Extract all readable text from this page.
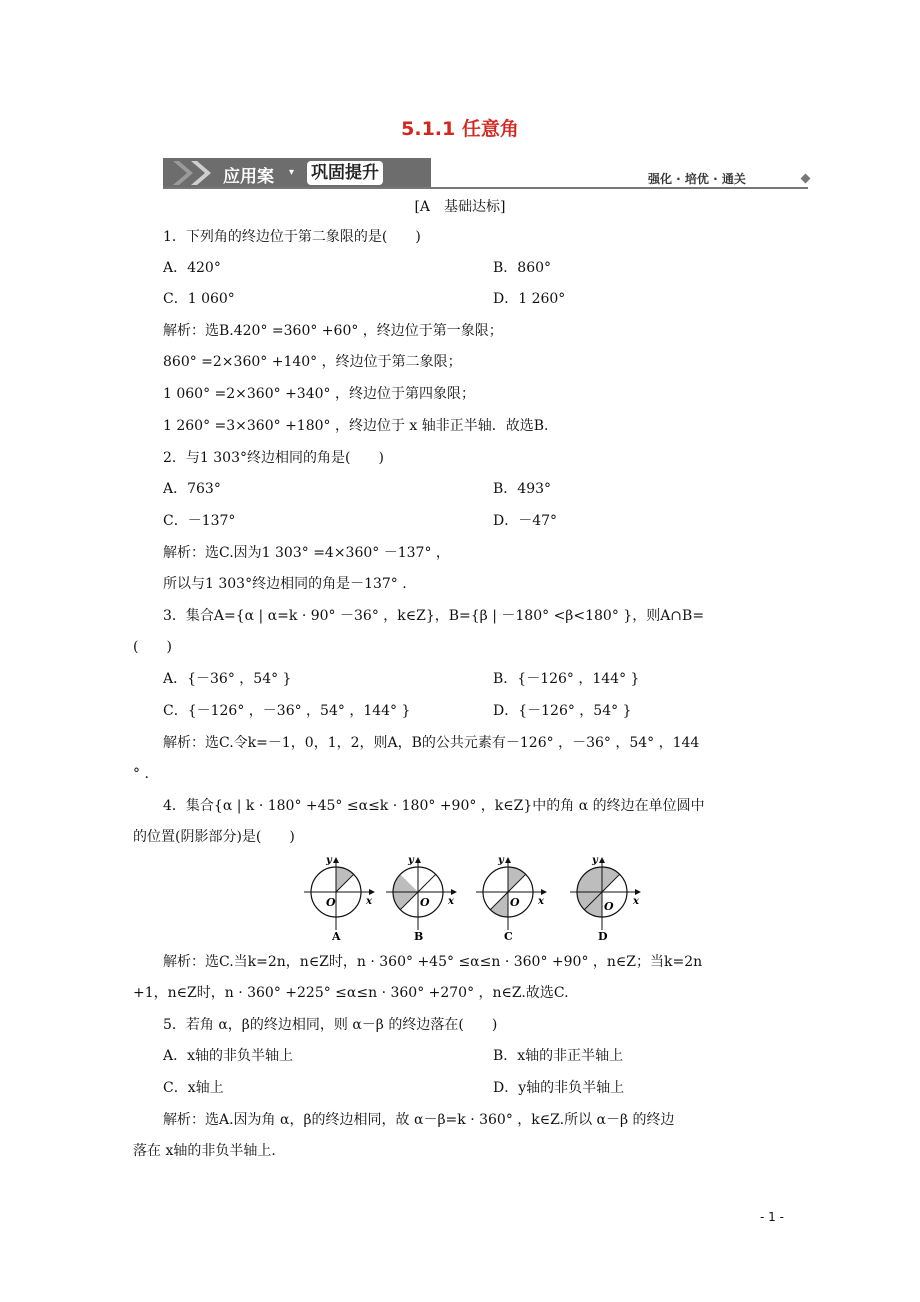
5.1.1 任意角
应用案 ▾ 巩固提升	强化 · 培优 · 通关
[A　基础达标]
1．下列角的终边位于第二象限的是(　　)
A．420°	B．860°
C．1 060°	D．1 260°
解析：选B.420° =360° +60° ，终边位于第一象限；
860° =2×360° +140° ，终边位于第二象限；
1 060° =2×360° +340° ，终边位于第四象限；
1 260° =3×360° +180° ，终边位于 x 轴非正半轴．故选B.
2．与1 303°终边相同的角是(　　)
A．763°	B．493°
C．－137°	D．－47°
解析：选C.因为1 303° =4×360° －137° ，
所以与1 303°终边相同的角是－137° .
3．集合A={α | α=k · 90° －36° ，k∈Z}，B={β | －180° <β<180° }，则A∩B=
(　　)
A．{－36° ，54° }	B．{－126° ，144° }
C．{－126° ，－36° ，54° ，144° }	D．{－126° ，54° }
解析：选C.令k=－1，0，1，2，则A，B的公共元素有－126° ，－36° ，54° ，144
° .
4．集合{α | k · 180° +45° ≤α≤k · 180° +90° ，k∈Z}中的角 α 的终边在单位圆中
的位置(阴影部分)是(　　)
x
y
O
A
x
y
O
B
x
y
O
C
x
y
O
D
解析：选C.当k=2n，n∈Z时，n · 360° +45° ≤α≤n · 360° +90° ，n∈Z；当k=2n
+1，n∈Z时，n · 360° +225° ≤α≤n · 360° +270° ，n∈Z.故选C.
5．若角 α，β的终边相同，则 α－β 的终边落在(　　)
A．x轴的非负半轴上	B．x轴的非正半轴上
C．x轴上	D．y轴的非负半轴上
解析：选A.因为角 α，β的终边相同，故 α－β=k · 360° ，k∈Z.所以 α－β 的终边
落在 x轴的非负半轴上.
- 1 -
